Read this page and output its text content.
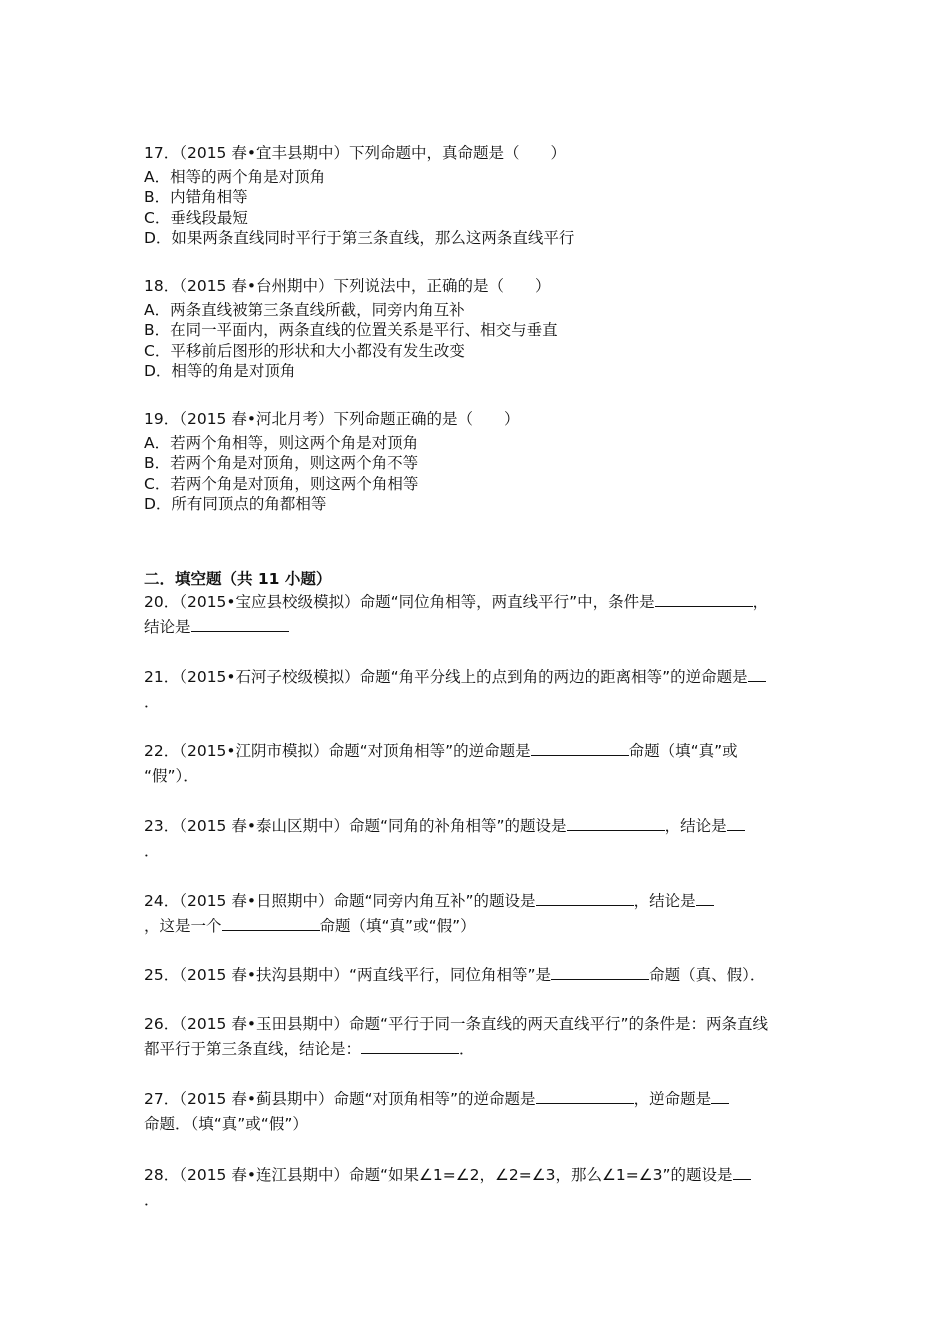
17．（2015 春•宜丰县期中）下列命题中，真命题是（　　）
A．相等的两个角是对顶角
B．内错角相等
C．垂线段最短
D．如果两条直线同时平行于第三条直线，那么这两条直线平行
18．（2015 春•台州期中）下列说法中，正确的是（　　）
A．两条直线被第三条直线所截，同旁内角互补
B．在同一平面内，两条直线的位置关系是平行、相交与垂直
C．平移前后图形的形状和大小都没有发生改变
D．相等的角是对顶角
19．（2015 春•河北月考）下列命题正确的是（　　）
A．若两个角相等，则这两个角是对顶角
B．若两个角是对顶角，则这两个角不等
C．若两个角是对顶角，则这两个角相等
D．所有同顶点的角都相等
二．填空题（共 11 小题）
20．（2015•宝应县校级模拟）命题“同位角相等，两直线平行”中，条件是	，
结论是
21．（2015•石河子校级模拟）命题“角平分线上的点到角的两边的距离相等”的逆命题是
．
22．（2015•江阴市模拟）命题“对顶角相等”的逆命题是	命题（填“真”或
“假”）．
23．（2015 春•泰山区期中）命题“同角的补角相等”的题设是	，结论是
．
24．（2015 春•日照期中）命题“同旁内角互补”的题设是	，结论是
，这是一个	命题（填“真”或“假”）
25．（2015 春•扶沟县期中）“两直线平行，同位角相等”是	命题（真、假）．
26．（2015 春•玉田县期中）命题“平行于同一条直线的两天直线平行”的条件是：两条直线
都平行于第三条直线，结论是：	．
27．（2015 春•蓟县期中）命题“对顶角相等”的逆命题是	，逆命题是
命题．（填“真”或“假”）
28．（2015 春•连江县期中）命题“如果∠1=∠2，∠2=∠3，那么∠1=∠3”的题设是
．
